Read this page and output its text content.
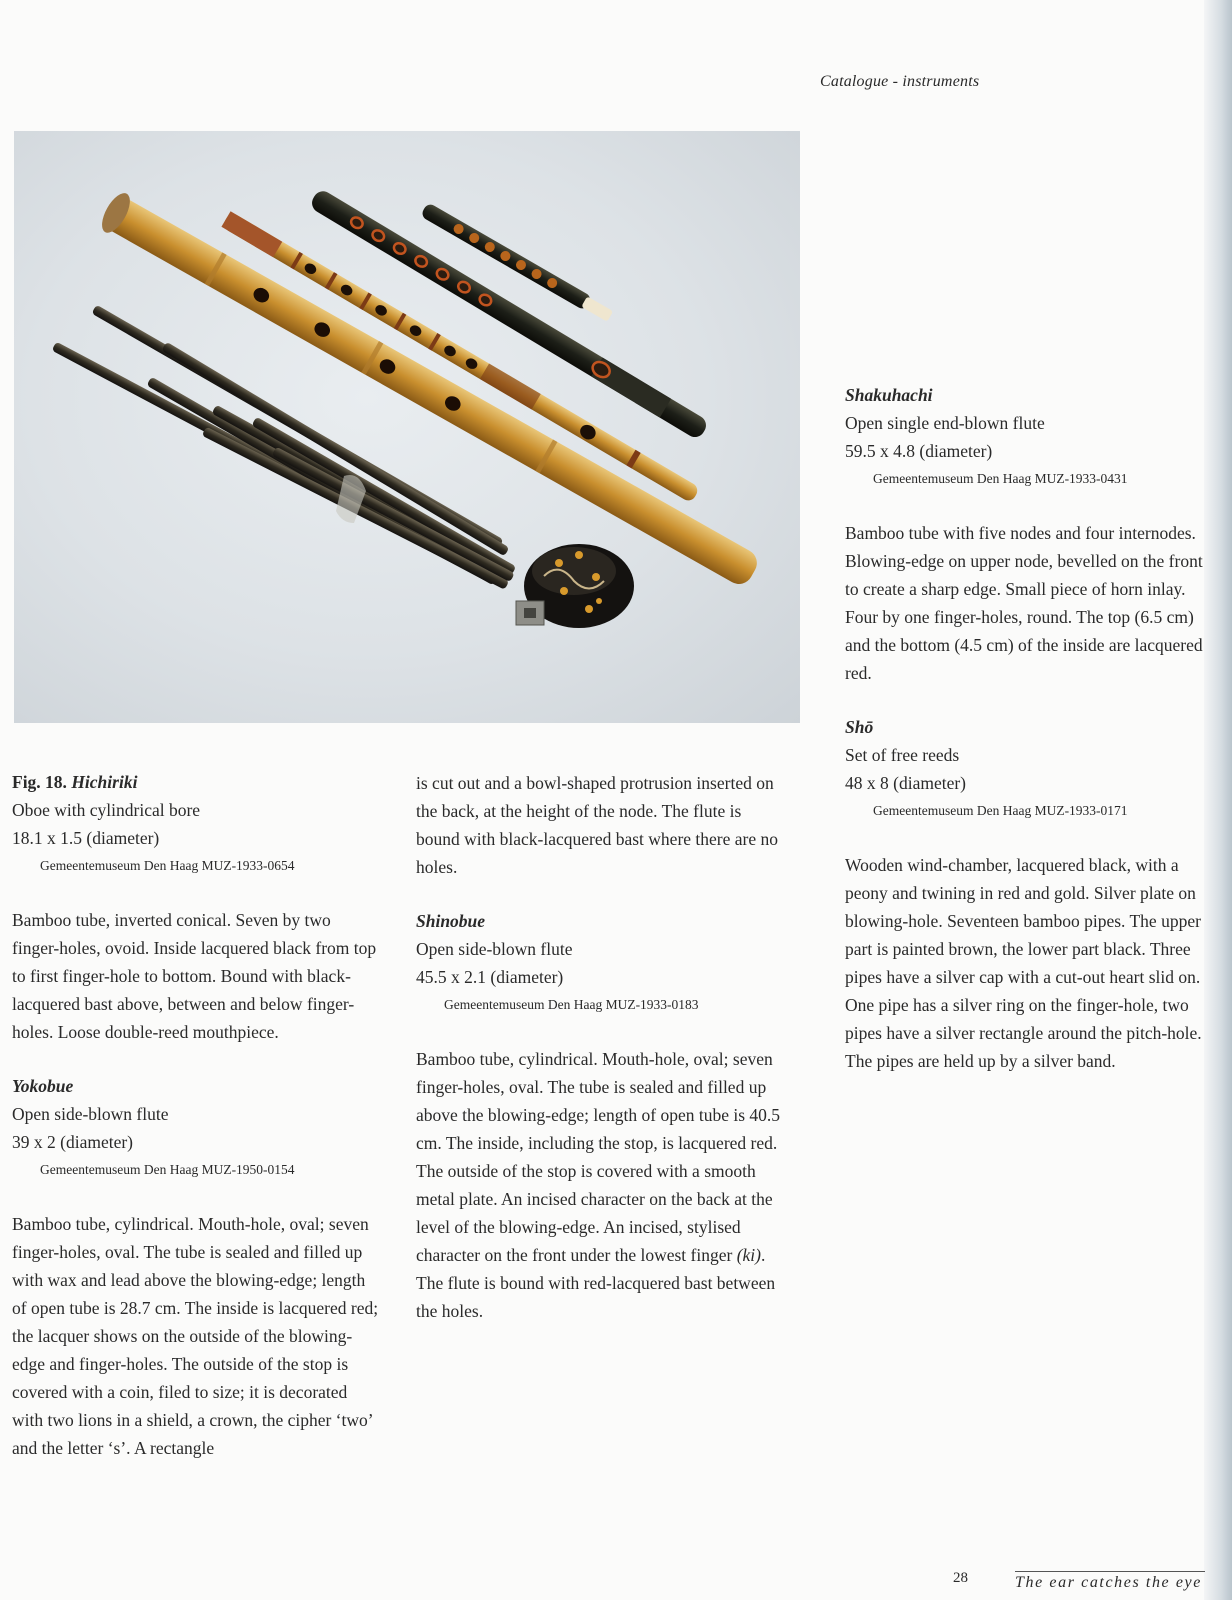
Catalogue - instruments

Fig. 18. Hichiriki

Oboe with cylindrical bore

18.1 x 1.5 (diameter)

Gemeentemuseum Den Haag MUZ-1933-0654

Bamboo tube, inverted conical. Seven by two finger-holes, ovoid. Inside lacquered black from top to first finger-hole to bottom. Bound with black-lacquered bast above, between and below finger-holes. Loose double-reed mouthpiece.

Yokobue

Open side-blown flute

39 x 2 (diameter)

Gemeentemuseum Den Haag MUZ-1950-0154

Bamboo tube, cylindrical. Mouth-hole, oval; seven finger-holes, oval. The tube is sealed and filled up with wax and lead above the blowing-edge; length of open tube is 28.7 cm. The inside is lacquered red; the lacquer shows on the outside of the blowing-edge and finger-holes. The outside of the stop is covered with a coin, filed to size; it is decorated with two lions in a shield, a crown, the cipher ‘two’ and the letter ‘s’. A rectangle

is cut out and a bowl-shaped protrusion inserted on the back, at the height of the node. The flute is bound with black-lacquered bast where there are no holes.

Shinobue

Open side-blown flute

45.5 x 2.1 (diameter)

Gemeentemuseum Den Haag MUZ-1933-0183

Bamboo tube, cylindrical. Mouth-hole, oval; seven finger-holes, oval. The tube is sealed and filled up above the blowing-edge; length of open tube is 40.5 cm. The inside, including the stop, is lacquered red. The outside of the stop is covered with a smooth metal plate. An incised character on the back at the level of the blowing-edge. An incised, stylised character on the front under the lowest finger (ki). The flute is bound with red-lacquered bast between the holes.

Shakuhachi

Open single end-blown flute

59.5 x 4.8 (diameter)

Gemeentemuseum Den Haag MUZ-1933-0431

Bamboo tube with five nodes and four internodes. Blowing-edge on upper node, bevelled on the front to create a sharp edge. Small piece of horn inlay. Four by one finger-holes, round. The top (6.5 cm) and the bottom (4.5 cm) of the inside are lacquered red.

Shō

Set of free reeds

48 x 8 (diameter)

Gemeentemuseum Den Haag MUZ-1933-0171

Wooden wind-chamber, lacquered black, with a peony and twining in red and gold. Silver plate on blowing-hole. Seventeen bamboo pipes. The upper part is painted brown, the lower part black. Three pipes have a silver cap with a cut-out heart slid on. One pipe has a silver ring on the finger-hole, two pipes have a silver rectangle around the pitch-hole. The pipes are held up by a silver band.

28	The ear catches the eye
